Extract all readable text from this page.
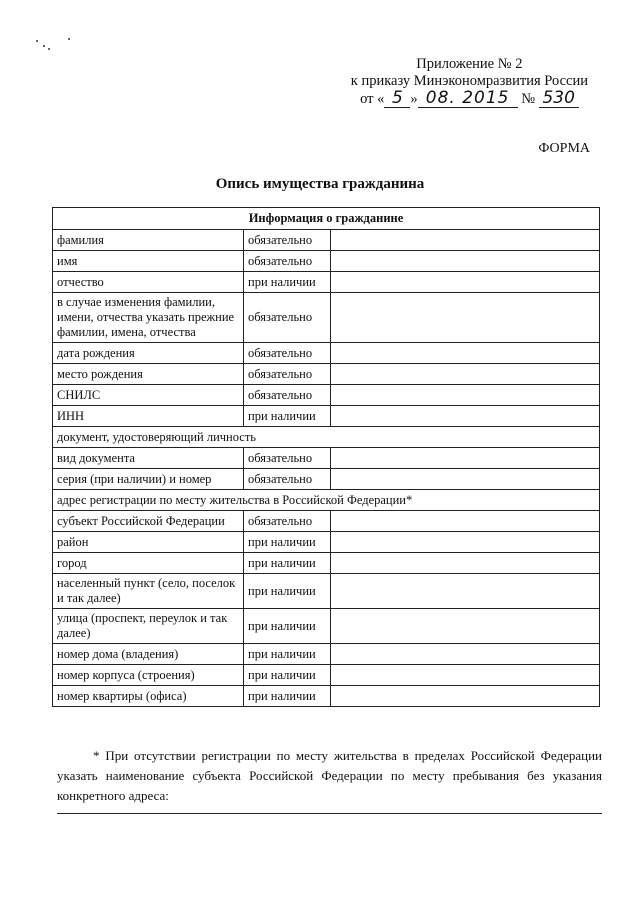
Приложение № 2
к приказу Минэкономразвития России
от « 5 » 08. 2015 № 530
ФОРМА
Опись имущества гражданина
Информация о гражданине		
фамилия	обязательно	
имя	обязательно	
отчество	при наличии	
в случае изменения фамилии, имени, отчества указать прежние фамилии, имена, отчества	обязательно	
дата рождения	обязательно	
место рождения	обязательно	
СНИЛС	обязательно	
ИНН	при наличии	
документ, удостоверяющий личность		
вид документа	обязательно	
серия (при наличии) и номер	обязательно	
адрес регистрации по месту жительства в Российской Федерации*		
субъект Российской Федерации	обязательно	
район	при наличии	
город	при наличии	
населенный пункт (село, поселок и так далее)	при наличии	
улица (проспект, переулок и так далее)	при наличии	
номер дома (владения)	при наличии	
номер корпуса (строения)	при наличии	
номер квартиры (офиса)	при наличии	
* При отсутствии регистрации по месту жительства в пределах Российской Федерации указать наименование субъекта Российской Федерации по месту пребывания без указания конкретного адреса:
